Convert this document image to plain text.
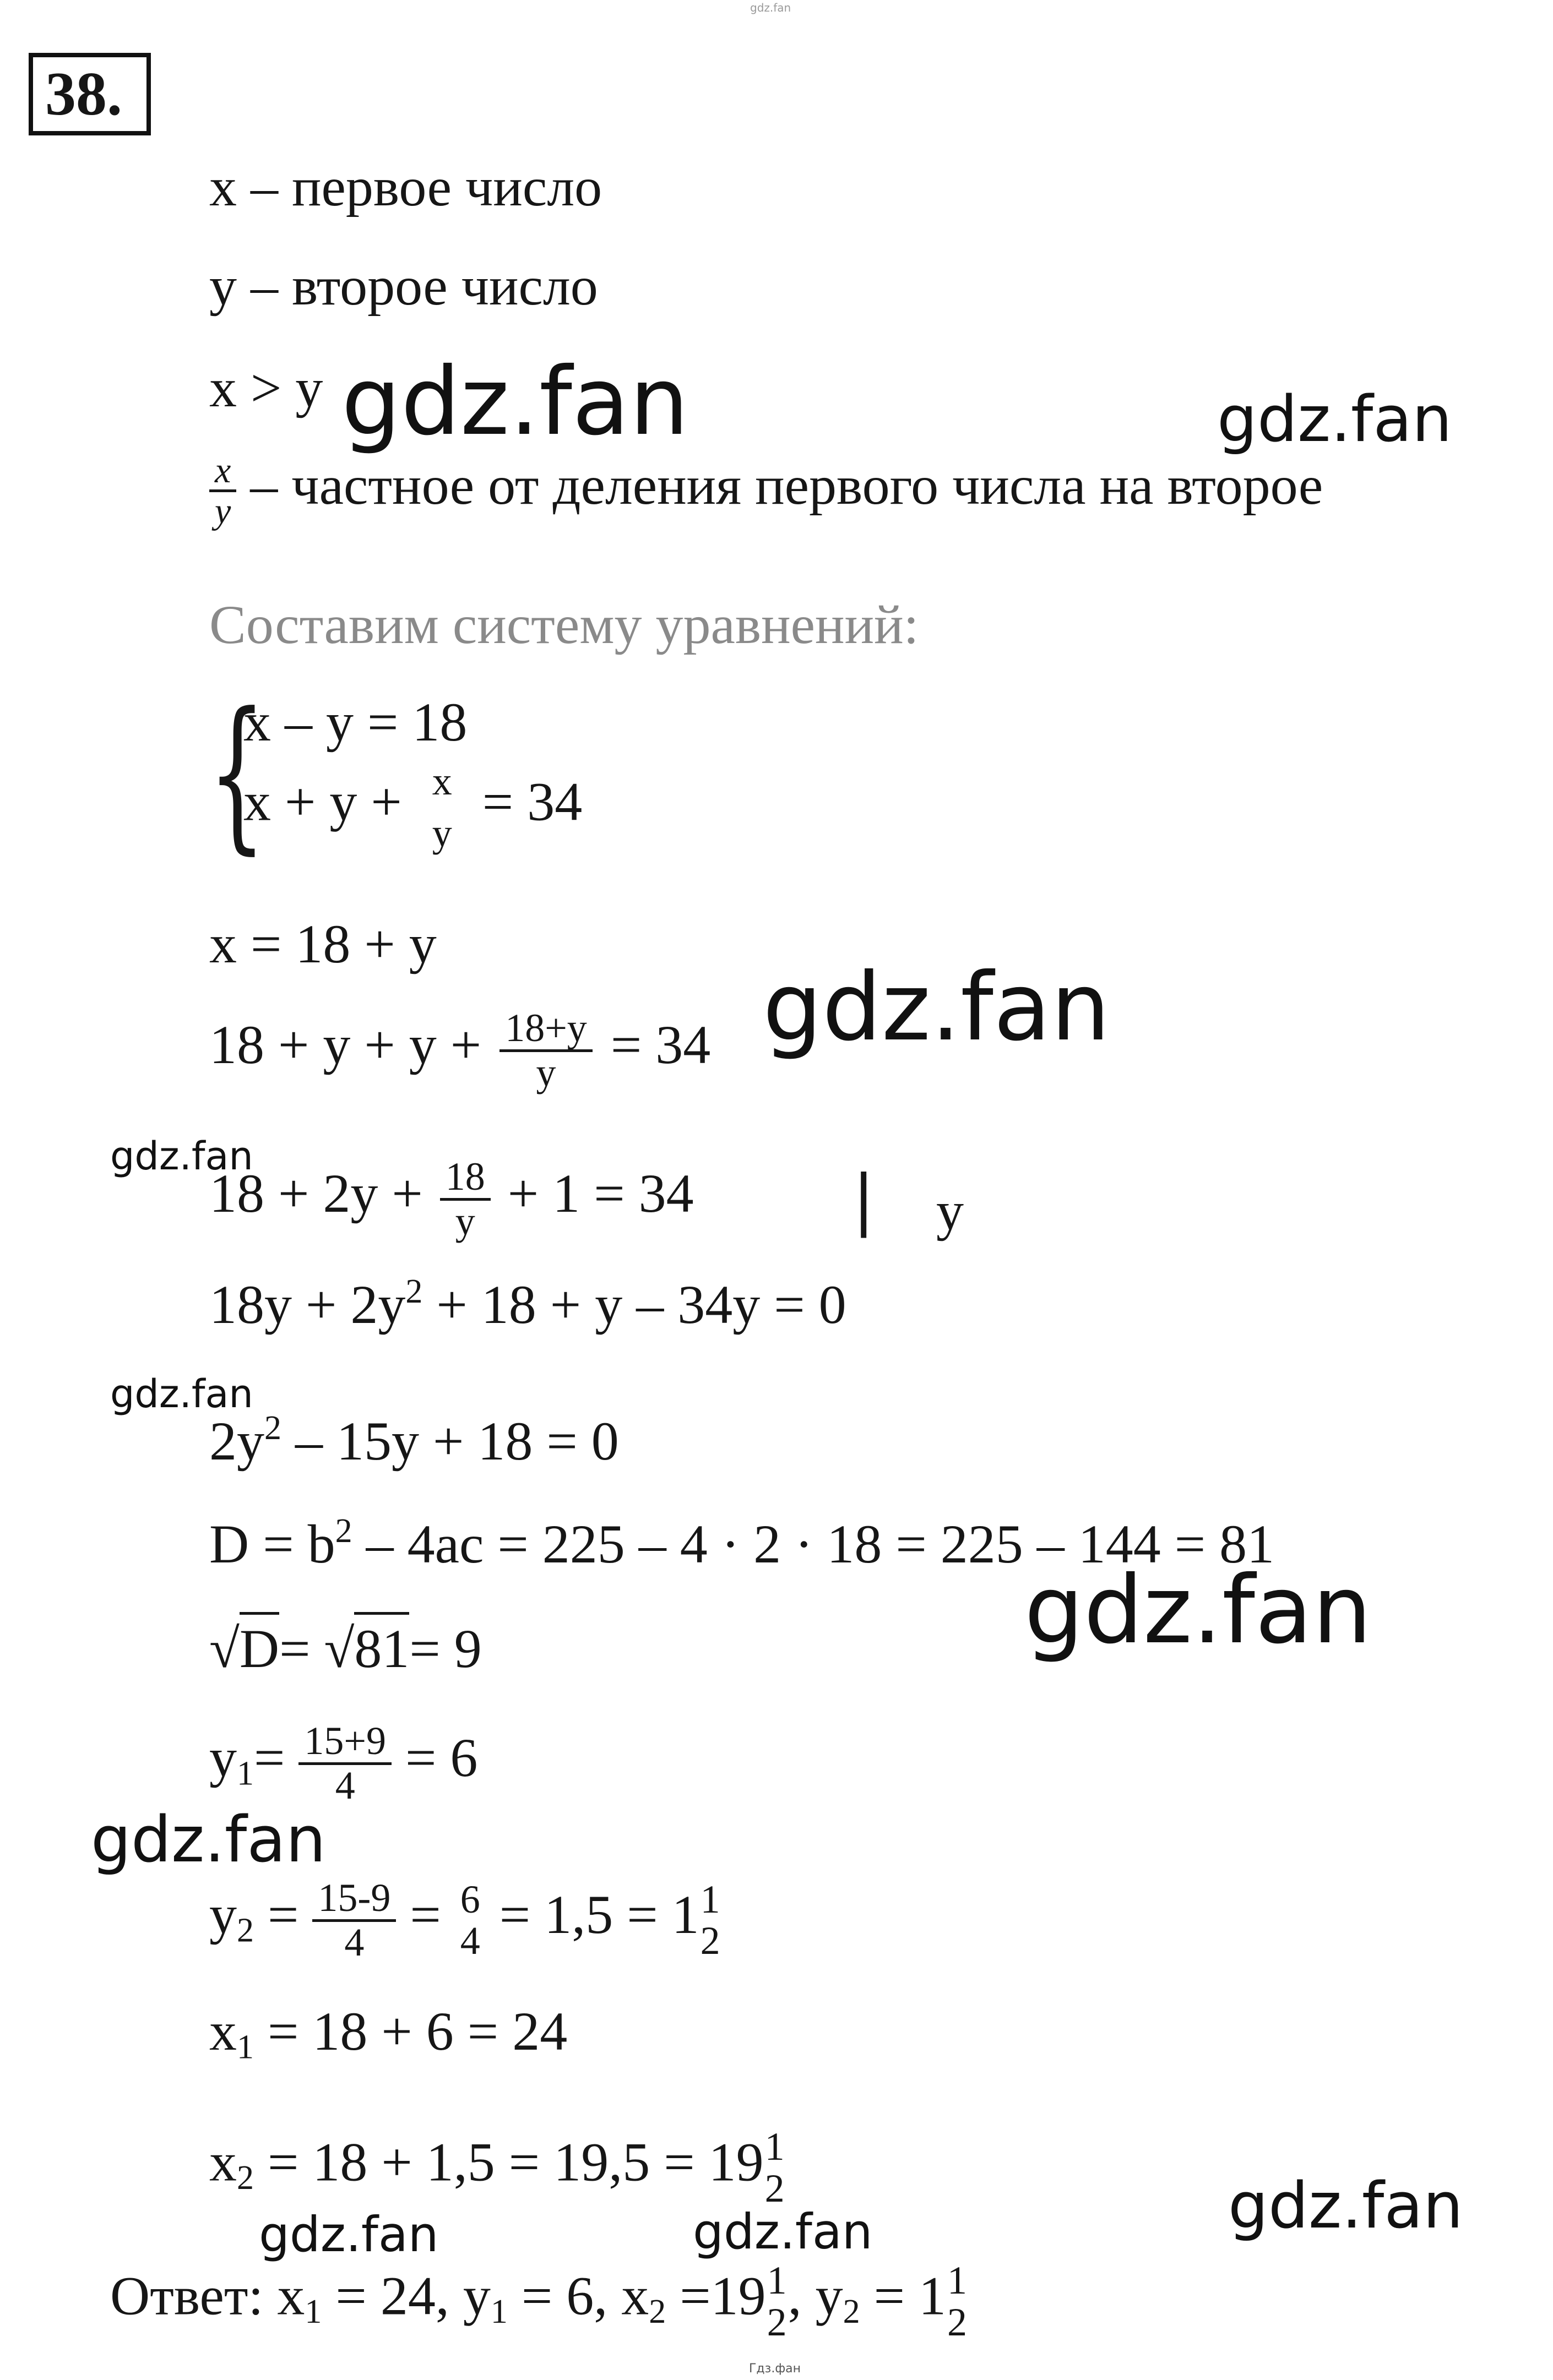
gdz.fan
38.
x – первое число
y – второе число
x > y
$\frac{x}{y}$ – частное от деления первого числа на второе
Составим систему уравнений:
{
x – y = 18
x + y + x
y
= 34
x = 18 + y
$18 + y + y + \frac{18+y}{y} = 34$
$18 + 2y + \frac{18}{y} + 1 = 34$ | y
$18y + 2y^2 + 18 + y - 34y = 0$
$2y^2 - 15y + 18 = 0$
$D = b^2 - 4ac = 225 - 4 \cdot 2 \cdot 18 = 225 - 144 = 81$
√D= √81= 9
$y_1= \frac{15+9}{4} = 6$
$y_2 = \frac{15-9}{4} = 6$
4 = 1,5 = 1 1
2
$x_1 = 18 + 6 = 24$
$x_2 = 18 + 1,5 = 19,5 = 19$ 1
2
Ответ: $x_1 = 24$, $y_1 = 6$, $x_2 =19$ 1
2 , $y_2 = 1$ 1
2
gdz.fan	gdz.fan
gdz.fan
gdz.fan
gdz.fan
gdz.fan
gdz.fan
gdz.fan
gdz.fan	gdz.fan
Гдз.фан
